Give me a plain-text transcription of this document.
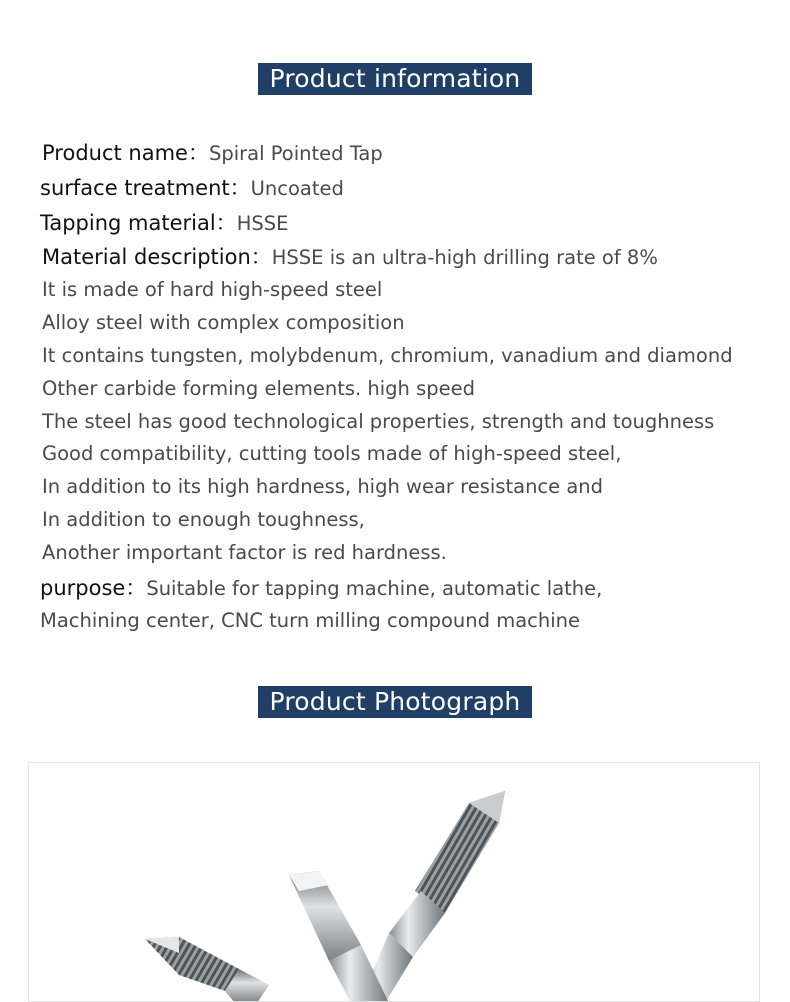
Product information
Product name：Spiral Pointed Tap
surface treatment：Uncoated
Tapping material：HSSE
Material description：HSSE is an ultra-high drilling rate of 8%
It is made of hard high-speed steel
Alloy steel with complex composition
It contains tungsten, molybdenum, chromium, vanadium and diamond
Other carbide forming elements. high speed
The steel has good technological properties, strength and toughness
Good compatibility, cutting tools made of high-speed steel,
In addition to its high hardness, high wear resistance and
In addition to enough toughness,
Another important factor is red hardness.
purpose：Suitable for tapping machine, automatic lathe,
Machining center, CNC turn milling compound machine
Product Photograph
